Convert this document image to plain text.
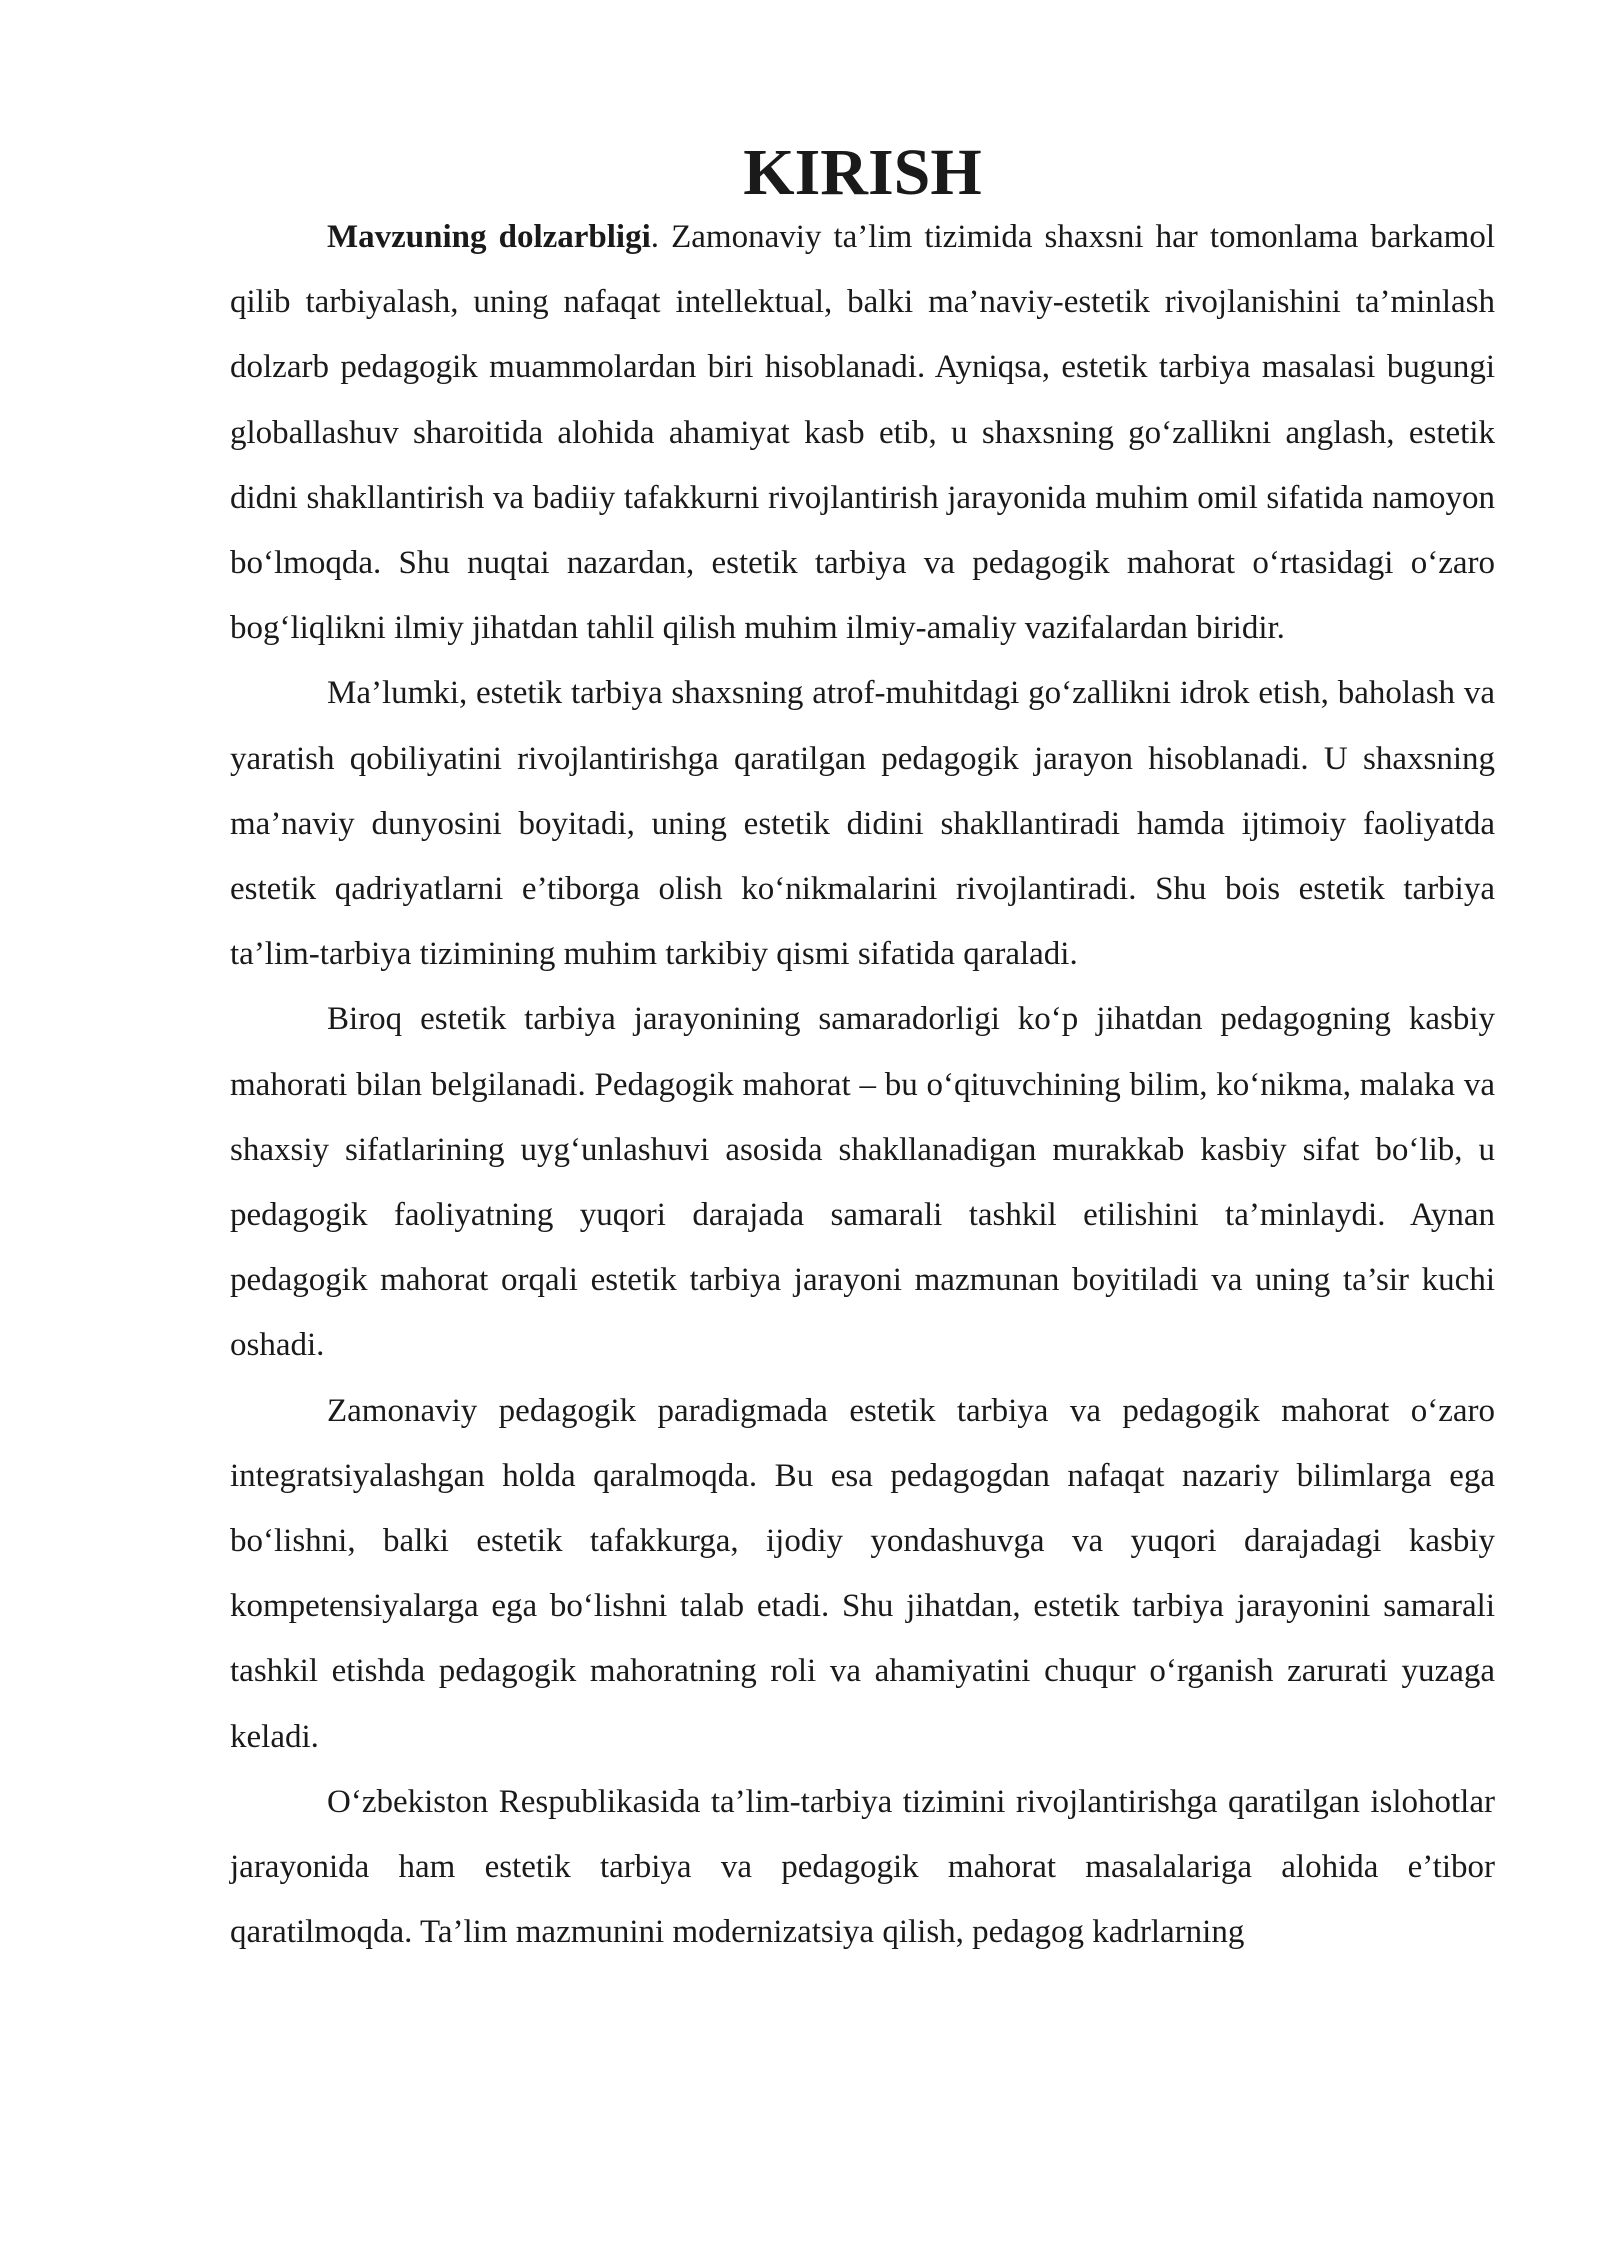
KIRISH

Mavzuning dolzarbligi. Zamonaviy ta’lim tizimida shaxsni har tomonlama barkamol qilib tarbiyalash, uning nafaqat intellektual, balki ma’naviy-estetik rivojlanishini ta’minlash dolzarb pedagogik muammolardan biri hisoblanadi. Ayniqsa, estetik tarbiya masalasi bugungi globallashuv sharoitida alohida ahamiyat kasb etib, u shaxsning go‘zallikni anglash, estetik didni shakllantirish va badiiy tafakkurni rivojlantirish jarayonida muhim omil sifatida namoyon bo‘lmoqda. Shu nuqtai nazardan, estetik tarbiya va pedagogik mahorat o‘rtasidagi o‘zaro bog‘liqlikni ilmiy jihatdan tahlil qilish muhim ilmiy-amaliy vazifalardan biridir.

Ma’lumki, estetik tarbiya shaxsning atrof-muhitdagi go‘zallikni idrok etish, baholash va yaratish qobiliyatini rivojlantirishga qaratilgan pedagogik jarayon hisoblanadi. U shaxsning ma’naviy dunyosini boyitadi, uning estetik didini shakllantiradi hamda ijtimoiy faoliyatda estetik qadriyatlarni e’tiborga olish ko‘nikmalarini rivojlantiradi. Shu bois estetik tarbiya ta’lim-tarbiya tizimining muhim tarkibiy qismi sifatida qaraladi.

Biroq estetik tarbiya jarayonining samaradorligi ko‘p jihatdan pedagogning kasbiy mahorati bilan belgilanadi. Pedagogik mahorat – bu o‘qituvchining bilim, ko‘nikma, malaka va shaxsiy sifatlarining uyg‘unlashuvi asosida shakllanadigan murakkab kasbiy sifat bo‘lib, u pedagogik faoliyatning yuqori darajada samarali tashkil etilishini ta’minlaydi. Aynan pedagogik mahorat orqali estetik tarbiya jarayoni mazmunan boyitiladi va uning ta’sir kuchi oshadi.

Zamonaviy pedagogik paradigmada estetik tarbiya va pedagogik mahorat o‘zaro integratsiyalashgan holda qaralmoqda. Bu esa pedagogdan nafaqat nazariy bilimlarga ega bo‘lishni, balki estetik tafakkurga, ijodiy yondashuvga va yuqori darajadagi kasbiy kompetensiyalarga ega bo‘lishni talab etadi. Shu jihatdan, estetik tarbiya jarayonini samarali tashkil etishda pedagogik mahoratning roli va ahamiyatini chuqur o‘rganish zarurati yuzaga keladi.

O‘zbekiston Respublikasida ta’lim-tarbiya tizimini rivojlantirishga qaratilgan islohotlar jarayonida ham estetik tarbiya va pedagogik mahorat masalalariga alohida e’tibor qaratilmoqda. Ta’lim mazmunini modernizatsiya qilish, pedagog kadrlarning
